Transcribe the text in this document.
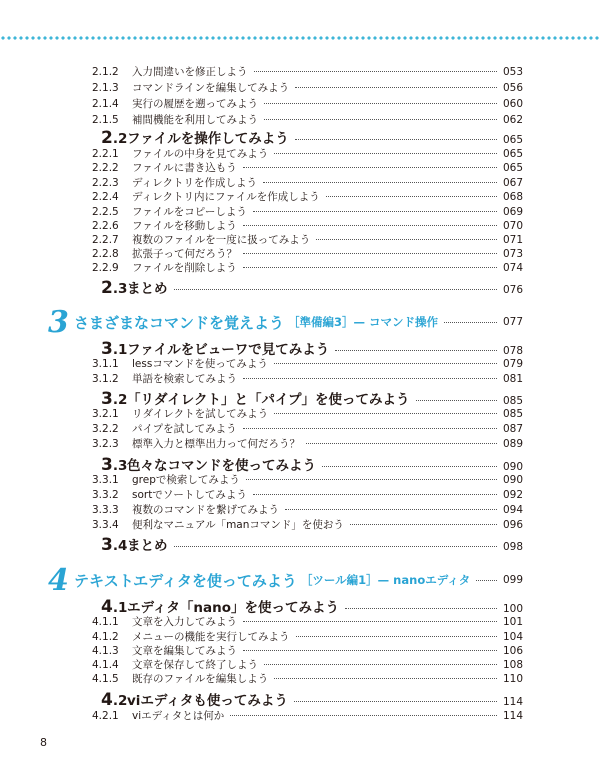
2.1.2	入力間違いを修正しよう	053
2.1.3	コマンドラインを編集してみよう	056
2.1.4	実行の履歴を遡ってみよう	060
2.1.5	補間機能を利用してみよう	062
2.2 ファイルを操作してみよう	065
2.2.1	ファイルの中身を見てみよう	065
2.2.2	ファイルに書き込もう	065
2.2.3	ディレクトリを作成しよう	067
2.2.4	ディレクトリ内にファイルを作成しよう	068
2.2.5	ファイルをコピーしよう	069
2.2.6	ファイルを移動しよう	070
2.2.7	複数のファイルを一度に扱ってみよう	071
2.2.8	拡張子って何だろう？	073
2.2.9	ファイルを削除しよう	074
2.3 まとめ	076
3 さまざまなコマンドを覚えよう ［準備編3］— コマンド操作	077
3.1 ファイルをビューワで見てみよう	078
3.1.1	lessコマンドを使ってみよう	079
3.1.2	単語を検索してみよう	081
3.2 「リダイレクト」と「パイプ」を使ってみよう	085
3.2.1	リダイレクトを試してみよう	085
3.2.2	パイプを試してみよう	087
3.2.3	標準入力と標準出力って何だろう？	089
3.3 色々なコマンドを使ってみよう	090
3.3.1	grepで検索してみよう	090
3.3.2	sortでソートしてみよう	092
3.3.3	複数のコマンドを繋げてみよう	094
3.3.4	便利なマニュアル「manコマンド」を使おう	096
3.4 まとめ	098
4 テキストエディタを使ってみよう ［ツール編1］— nanoエディタ	099
4.1 エディタ「nano」を使ってみよう	100
4.1.1	文章を入力してみよう	101
4.1.2	メニューの機能を実行してみよう	104
4.1.3	文章を編集してみよう	106
4.1.4	文章を保存して終了しよう	108
4.1.5	既存のファイルを編集しよう	110
4.2 viエディタも使ってみよう	114
4.2.1	viエディタとは何か	114
8
